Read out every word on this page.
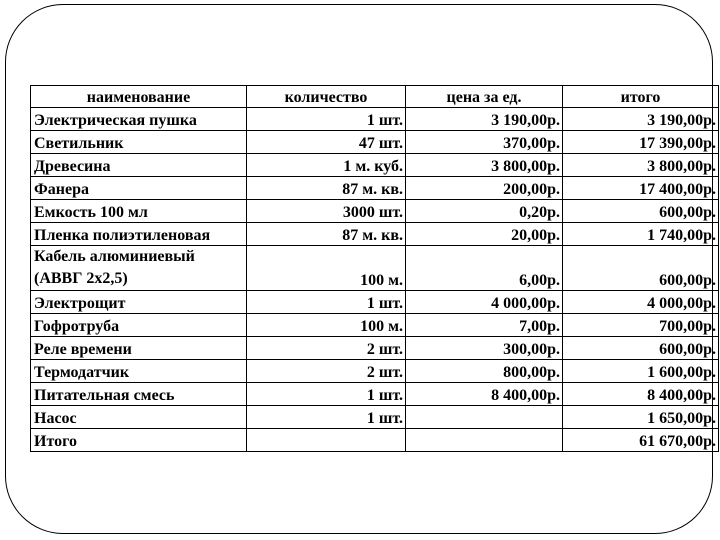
наименование	количество	цена за ед.	итого
Электрическая пушка	1 шт.	3 190,00р.	3 190,00р.
Светильник	47 шт.	370,00р.	17 390,00р.
Древесина	1 м. куб.	3 800,00р.	3 800,00р.
Фанера	87 м. кв.	200,00р.	17 400,00р.
Емкость 100 мл	3000 шт.	0,20р.	600,00р.
Пленка полиэтиленовая	87 м. кв.	20,00р.	1 740,00р.
Кабель алюминиевый (АВВГ 2х2,5)	100 м.	6,00р.	600,00р.
Электрощит	1 шт.	4 000,00р.	4 000,00р.
Гофротруба	100 м.	7,00р.	700,00р.
Реле времени	2 шт.	300,00р.	600,00р.
Термодатчик	2 шт.	800,00р.	1 600,00р.
Питательная смесь	1 шт.	8 400,00р.	8 400,00р.
Насос	1 шт.		1 650,00р.
Итого			61 670,00р.
